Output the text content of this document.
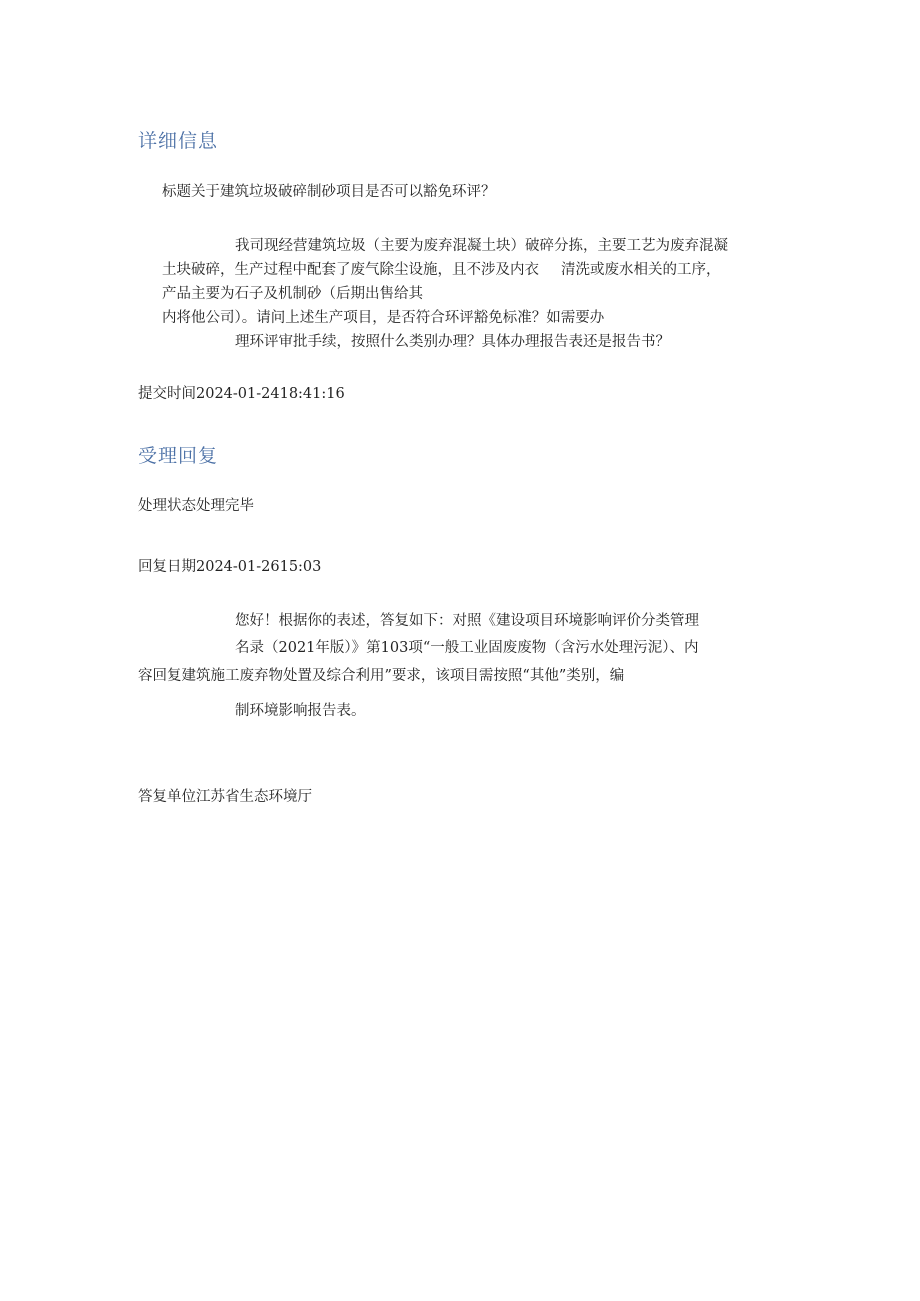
详细信息

标题关于建筑垃圾破碎制砂项目是否可以豁免环评？

我司现经营建筑垃圾（主要为废弃混凝土块）破碎分拣，主要工艺为废弃混凝

土块破碎，生产过程中配套了废气除尘设施，且不涉及内衣 清洗或废水相关的工序，

产品主要为石子及机制砂（后期出售给其

内将他公司）。请问上述生产项目，是否符合环评豁免标准？如需要办

理环评审批手续，按照什么类别办理？具体办理报告表还是报告书？

提交时间2024-01-2418:41:16

受理回复

处理状态处理完毕

回复日期2024-01-2615:03

您好！根据你的表述，答复如下：对照《建设项目环境影响评价分类管理

名录（2021年版）》第103项“一般工业固废废物（含污水处理污泥）、内

容回复建筑施工废弃物处置及综合利用”要求，该项目需按照“其他”类别，编

制环境影响报告表。

答复单位江苏省生态环境厅
